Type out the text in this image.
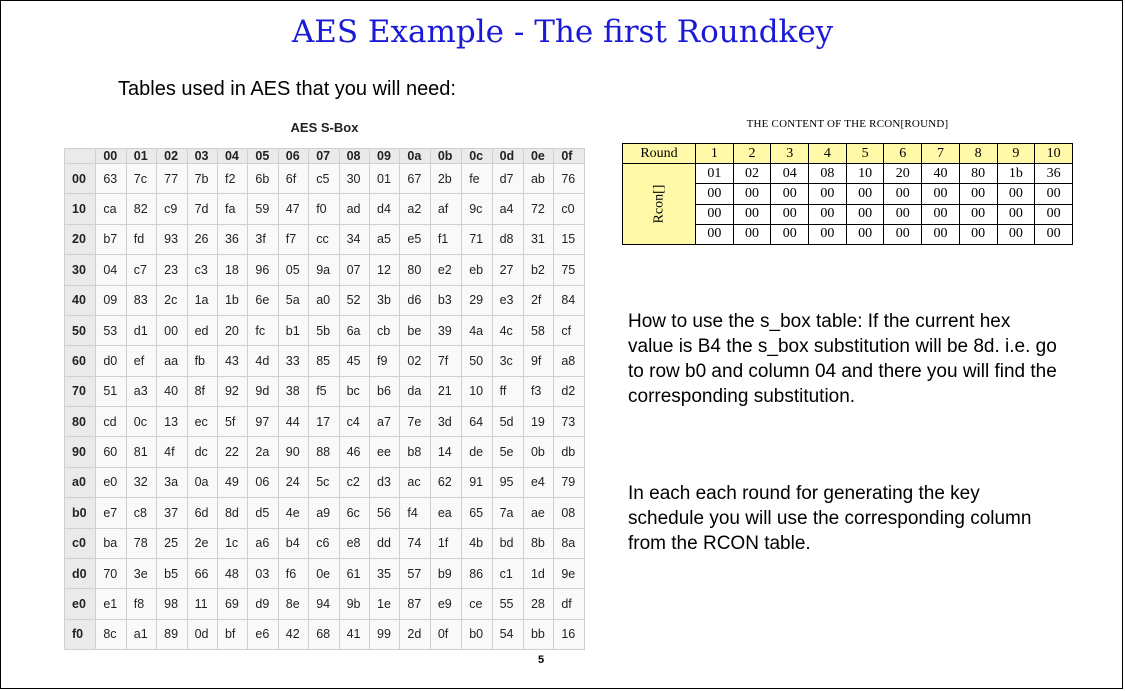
AES Example - The first Roundkey
Tables used in AES that you will need:
AES S-Box
	00	01	02	03	04	05	06	07	08	09	0a	0b	0c	0d	0e	0f
00	63	7c	77	7b	f2	6b	6f	c5	30	01	67	2b	fe	d7	ab	76
10	ca	82	c9	7d	fa	59	47	f0	ad	d4	a2	af	9c	a4	72	c0
20	b7	fd	93	26	36	3f	f7	cc	34	a5	e5	f1	71	d8	31	15
30	04	c7	23	c3	18	96	05	9a	07	12	80	e2	eb	27	b2	75
40	09	83	2c	1a	1b	6e	5a	a0	52	3b	d6	b3	29	e3	2f	84
50	53	d1	00	ed	20	fc	b1	5b	6a	cb	be	39	4a	4c	58	cf
60	d0	ef	aa	fb	43	4d	33	85	45	f9	02	7f	50	3c	9f	a8
70	51	a3	40	8f	92	9d	38	f5	bc	b6	da	21	10	ff	f3	d2
80	cd	0c	13	ec	5f	97	44	17	c4	a7	7e	3d	64	5d	19	73
90	60	81	4f	dc	22	2a	90	88	46	ee	b8	14	de	5e	0b	db
a0	e0	32	3a	0a	49	06	24	5c	c2	d3	ac	62	91	95	e4	79
b0	e7	c8	37	6d	8d	d5	4e	a9	6c	56	f4	ea	65	7a	ae	08
c0	ba	78	25	2e	1c	a6	b4	c6	e8	dd	74	1f	4b	bd	8b	8a
d0	70	3e	b5	66	48	03	f6	0e	61	35	57	b9	86	c1	1d	9e
e0	e1	f8	98	11	69	d9	8e	94	9b	1e	87	e9	ce	55	28	df
f0	8c	a1	89	0d	bf	e6	42	68	41	99	2d	0f	b0	54	bb	16
THE CONTENT OF THE RCON[ROUND]
Round	1	2	3	4	5	6	7	8	9	10
Rcon[]	01	02	04	08	10	20	40	80	1b	36
	00	00	00	00	00	00	00	00	00	00
	00	00	00	00	00	00	00	00	00	00
	00	00	00	00	00	00	00	00	00	00
How to use the s_box table: If the current hex value is B4 the s_box substitution will be 8d. i.e. go to row b0 and column 04 and there you will find the corresponding substitution.
In each each round for generating the key schedule you will use the corresponding column from the RCON table.
5
